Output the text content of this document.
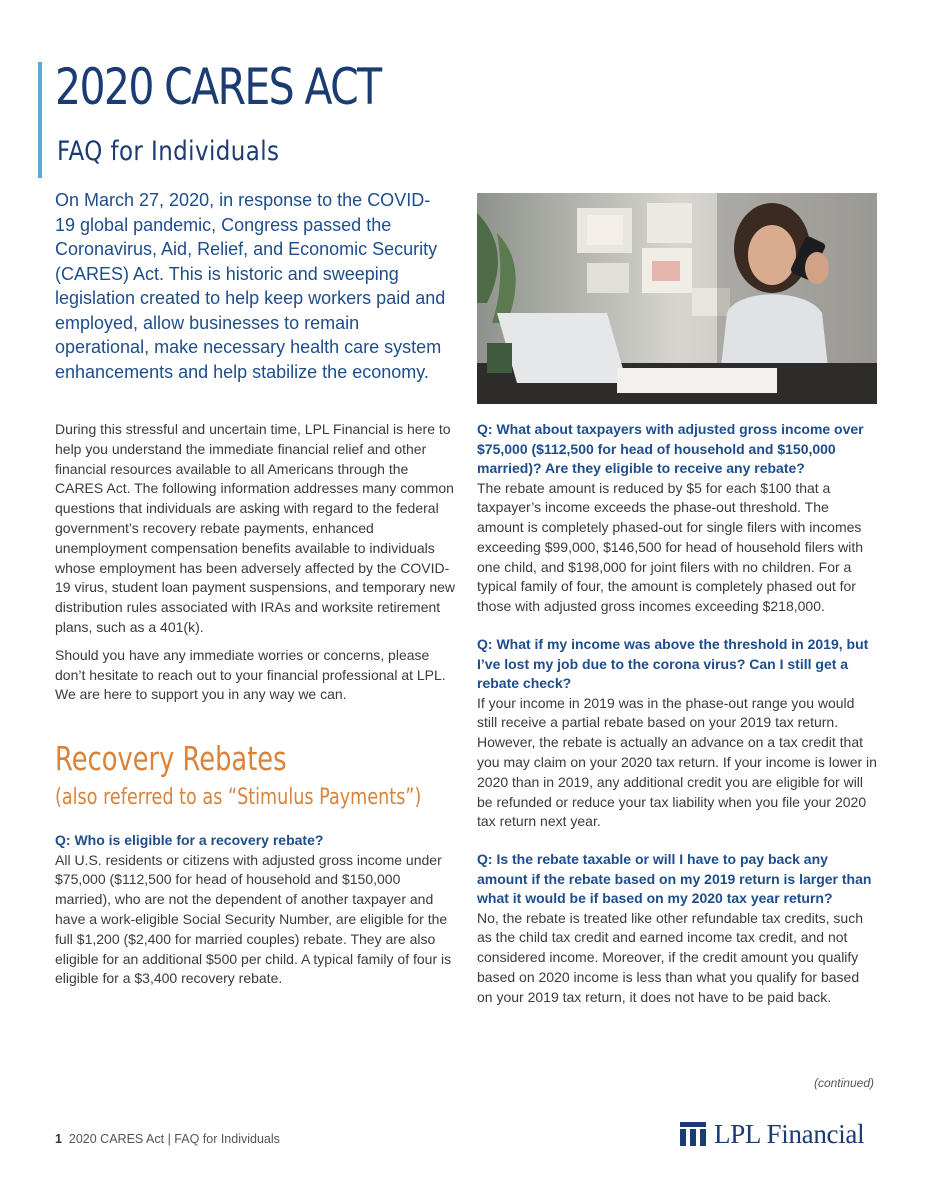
2020 CARES ACT
FAQ for Individuals

On March 27, 2020, in response to the COVID-19 global pandemic, Congress passed the Coronavirus, Aid, Relief, and Economic Security (CARES) Act. This is historic and sweeping legislation created to help keep workers paid and employed, allow businesses to remain operational, make necessary health care system enhancements and help stabilize the economy.

During this stressful and uncertain time, LPL Financial is here to help you understand the immediate financial relief and other financial resources available to all Americans through the CARES Act. The following information addresses many common questions that individuals are asking with regard to the federal government’s recovery rebate payments, enhanced unemployment compensation benefits available to individuals whose employment has been adversely affected by the COVID-19 virus, student loan payment suspensions, and temporary new distribution rules associated with IRAs and worksite retirement plans, such as a 401(k).

Should you have any immediate worries or concerns, please don’t hesitate to reach out to your financial professional at LPL. We are here to support you in any way we can.

Recovery Rebates
(also referred to as “Stimulus Payments”)

Q: Who is eligible for a recovery rebate?

All U.S. residents or citizens with adjusted gross income under $75,000 ($112,500 for head of household and $150,000 married), who are not the dependent of another taxpayer and have a work-eligible Social Security Number, are eligible for the full $1,200 ($2,400 for married couples) rebate. They are also eligible for an additional $500 per child. A typical family of four is eligible for a $3,400 recovery rebate.

Q: What about taxpayers with adjusted gross income over $75,000 ($112,500 for head of household and $150,000 married)? Are they eligible to receive any rebate?

The rebate amount is reduced by $5 for each $100 that a taxpayer’s income exceeds the phase-out threshold. The amount is completely phased-out for single filers with incomes exceeding $99,000, $146,500 for head of household filers with one child, and $198,000 for joint filers with no children. For a typical family of four, the amount is completely phased out for those with adjusted gross incomes exceeding $218,000.

Q: What if my income was above the threshold in 2019, but I’ve lost my job due to the corona virus? Can I still get a rebate check?

If your income in 2019 was in the phase-out range you would still receive a partial rebate based on your 2019 tax return. However, the rebate is actually an advance on a tax credit that you may claim on your 2020 tax return. If your income is lower in 2020 than in 2019, any additional credit you are eligible for will be refunded or reduce your tax liability when you file your 2020 tax return next year.

Q: Is the rebate taxable or will I have to pay back any amount if the rebate based on my 2019 return is larger than what it would be if based on my 2020 tax year return?

No, the rebate is treated like other refundable tax credits, such as the child tax credit and earned income tax credit, and not considered income. Moreover, if the credit amount you qualify based on 2020 income is less than what you qualify for based on your 2019 tax return, it does not have to be paid back.

(continued)
1 2020 CARES Act | FAQ for Individuals	LPL Financial
